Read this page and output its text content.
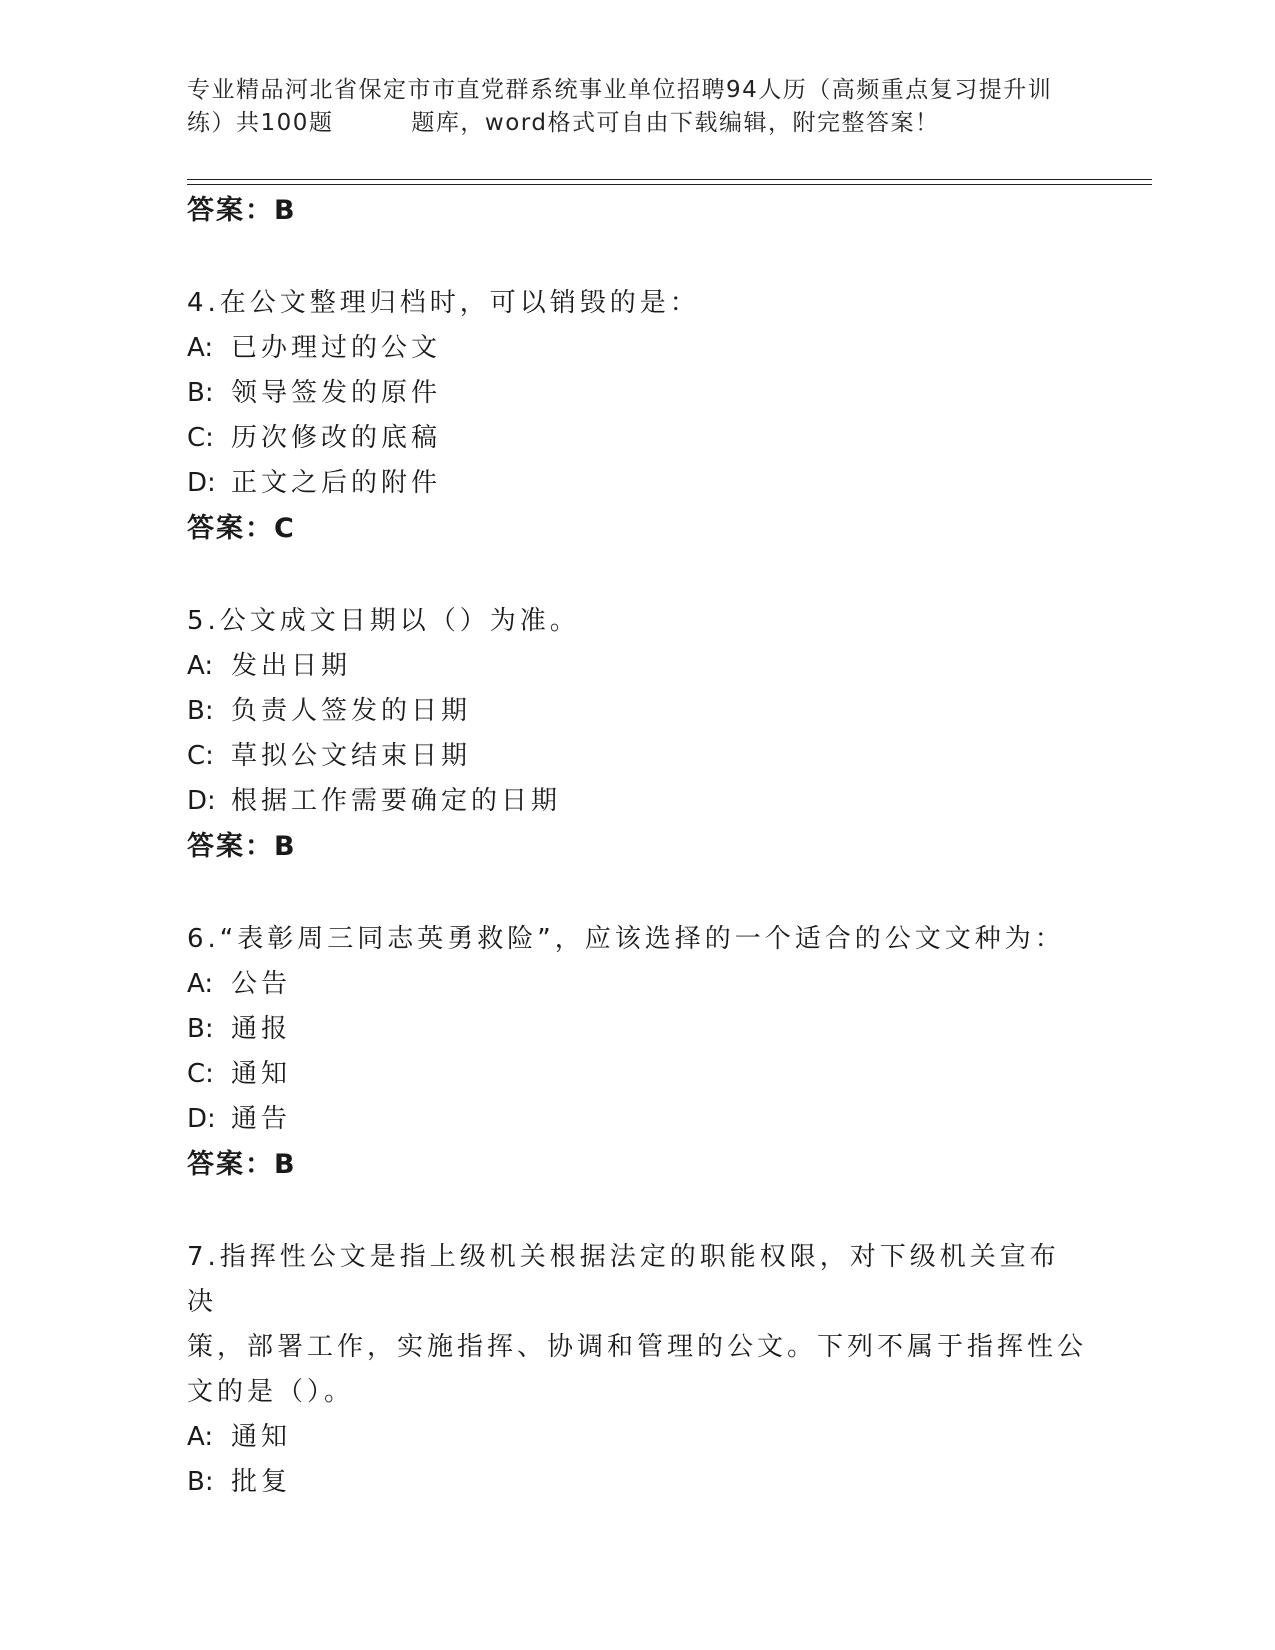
专业精品河北省保定市市直党群系统事业单位招聘94人历（高频重点复习提升训
练）共100题	题库，word格式可自由下载编辑，附完整答案！
答案：B
4.在公文整理归档时，可以销毁的是：
A: 已办理过的公文
B: 领导签发的原件
C: 历次修改的底稿
D: 正文之后的附件
答案：C
5.公文成文日期以（）为准。
A: 发出日期
B: 负责人签发的日期
C: 草拟公文结束日期
D: 根据工作需要确定的日期
答案：B
6.“表彰周三同志英勇救险”，应该选择的一个适合的公文文种为：
A: 公告
B: 通报
C: 通知
D: 通告
答案：B
7.指挥性公文是指上级机关根据法定的职能权限，对下级机关宣布决
策，部署工作，实施指挥、协调和管理的公文。下列不属于指挥性公
文的是（）。
A: 通知
B: 批复
